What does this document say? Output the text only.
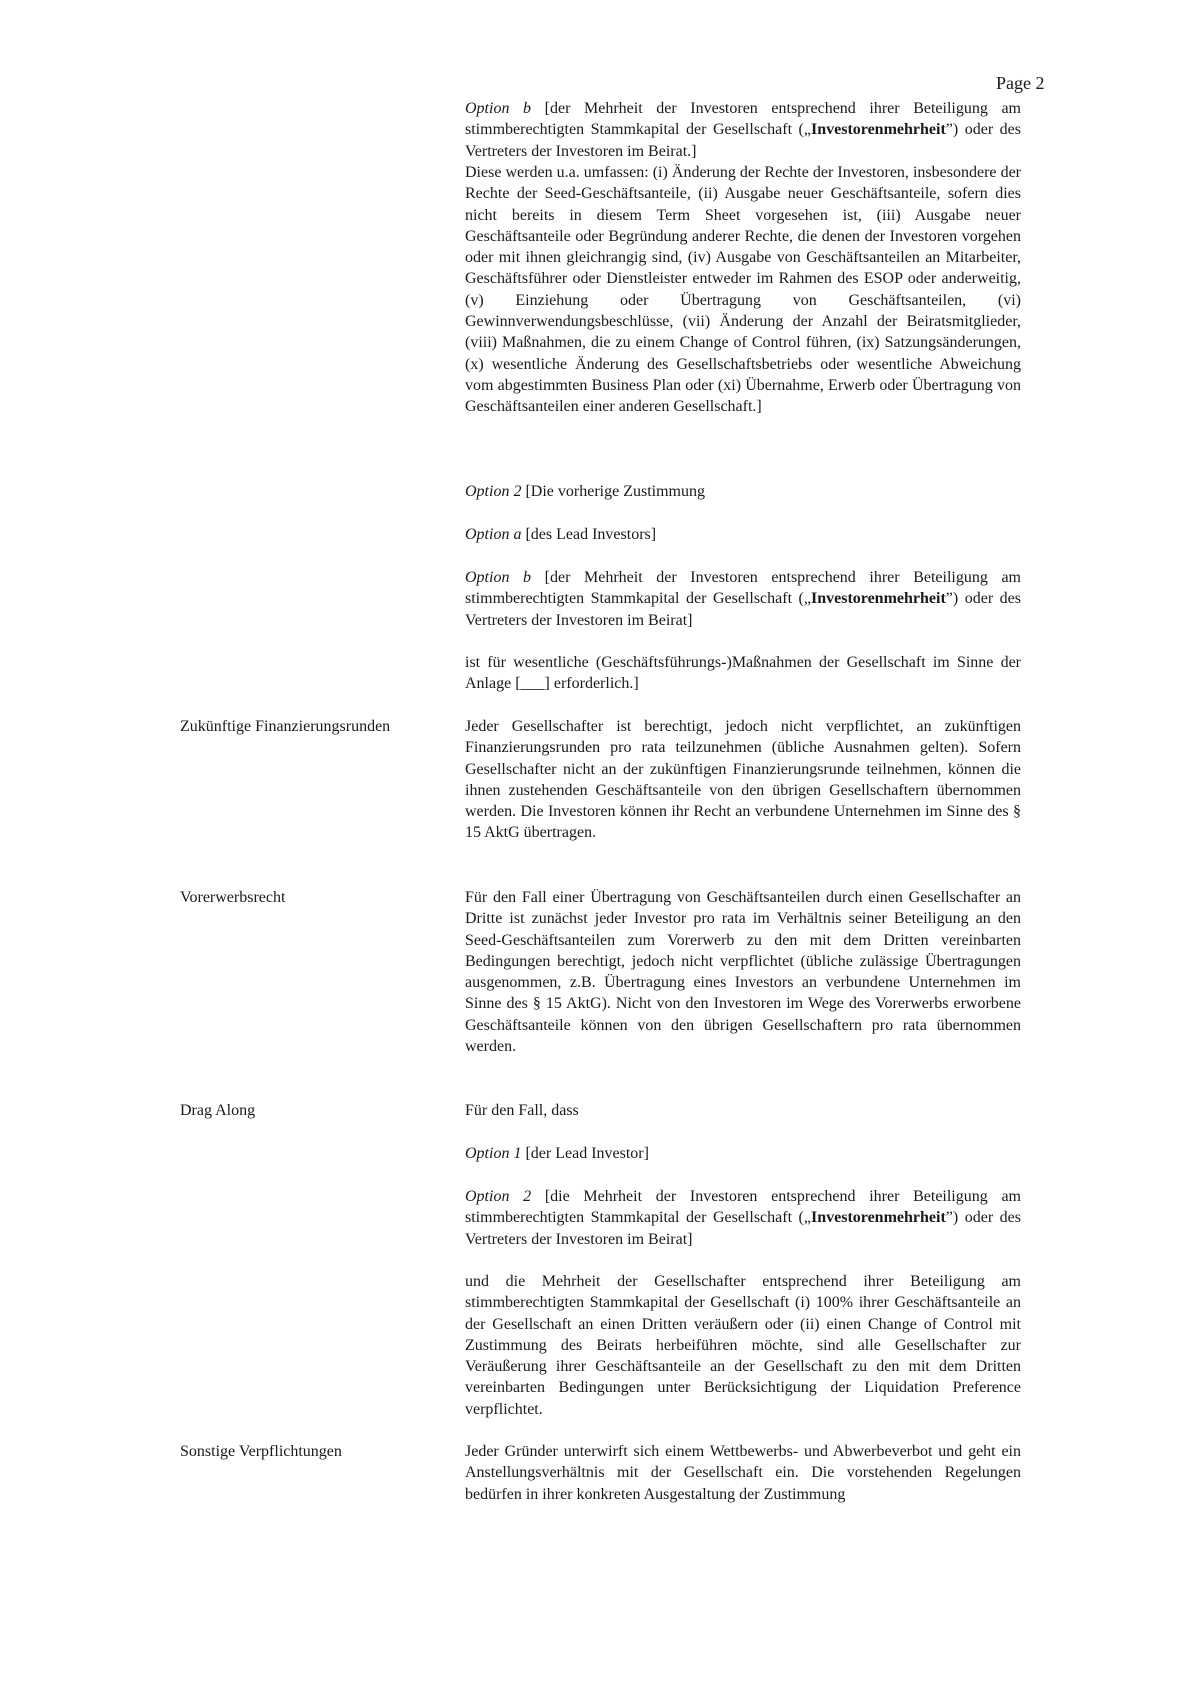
Page 2

Option b [der Mehrheit der Investoren entsprechend ihrer Beteiligung am stimmberechtigten Stammkapital der Gesellschaft („Investorenmehrheit”) oder des Vertreters der Investoren im Beirat.]

Diese werden u.a. umfassen: (i) Änderung der Rechte der Investoren, insbesondere der Rechte der Seed-Geschäftsanteile, (ii) Ausgabe neuer Geschäftsanteile, sofern dies nicht bereits in diesem Term Sheet vorgesehen ist, (iii) Ausgabe neuer Geschäftsanteile oder Begründung anderer Rechte, die denen der Investoren vorgehen oder mit ihnen gleichrangig sind, (iv) Ausgabe von Geschäftsanteilen an Mitarbeiter, Geschäftsführer oder Dienstleister entweder im Rahmen des ESOP oder anderweitig, (v) Einziehung oder Übertragung von Geschäftsanteilen, (vi) Gewinnverwendungsbeschlüsse, (vii) Änderung der Anzahl der Beiratsmitglieder, (viii) Maßnahmen, die zu einem Change of Control führen, (ix) Satzungsänderungen, (x) wesentliche Änderung des Gesellschaftsbetriebs oder wesentliche Abweichung vom abgestimmten Business Plan oder (xi) Übernahme, Erwerb oder Übertragung von Geschäftsanteilen einer anderen Gesellschaft.]

Option 2 [Die vorherige Zustimmung

Option a [des Lead Investors]

Option b [der Mehrheit der Investoren entsprechend ihrer Beteiligung am stimmberechtigten Stammkapital der Gesellschaft („Investorenmehrheit”) oder des Vertreters der Investoren im Beirat]

ist für wesentliche (Geschäftsführungs-)Maßnahmen der Gesellschaft im Sinne der Anlage [___] erforderlich.]

Zukünftige Finanzierungsrunden	Jeder Gesellschafter ist berechtigt, jedoch nicht verpflichtet, an zukünftigen Finanzierungsrunden pro rata teilzunehmen (übliche Ausnahmen gelten). Sofern Gesellschafter nicht an der zukünftigen Finanzierungsrunde teilnehmen, können die ihnen zustehenden Geschäftsanteile von den übrigen Gesellschaftern übernommen werden. Die Investoren können ihr Recht an verbundene Unternehmen im Sinne des § 15 AktG übertragen.

Vorerwerbsrecht	Für den Fall einer Übertragung von Geschäftsanteilen durch einen Gesellschafter an Dritte ist zunächst jeder Investor pro rata im Verhältnis seiner Beteiligung an den Seed-Geschäftsanteilen zum Vorerwerb zu den mit dem Dritten vereinbarten Bedingungen berechtigt, jedoch nicht verpflichtet (übliche zulässige Übertragungen ausgenommen, z.B. Übertragung eines Investors an verbundene Unternehmen im Sinne des § 15 AktG). Nicht von den Investoren im Wege des Vorerwerbs erworbene Geschäftsanteile können von den übrigen Gesellschaftern pro rata übernommen werden.

Drag Along	Für den Fall, dass

Option 1 [der Lead Investor]

Option 2 [die Mehrheit der Investoren entsprechend ihrer Beteiligung am stimmberechtigten Stammkapital der Gesellschaft („Investorenmehrheit”) oder des Vertreters der Investoren im Beirat]

und die Mehrheit der Gesellschafter entsprechend ihrer Beteiligung am stimmberechtigten Stammkapital der Gesellschaft (i) 100% ihrer Geschäftsanteile an der Gesellschaft an einen Dritten veräußern oder (ii) einen Change of Control mit Zustimmung des Beirats herbeiführen möchte, sind alle Gesellschafter zur Veräußerung ihrer Geschäftsanteile an der Gesellschaft zu den mit dem Dritten vereinbarten Bedingungen unter Berücksichtigung der Liquidation Preference verpflichtet.

Sonstige Verpflichtungen	Jeder Gründer unterwirft sich einem Wettbewerbs- und Abwerbeverbot und geht ein Anstellungsverhältnis mit der Gesellschaft ein. Die vorstehenden Regelungen bedürfen in ihrer konkreten Ausgestaltung der Zustimmung
